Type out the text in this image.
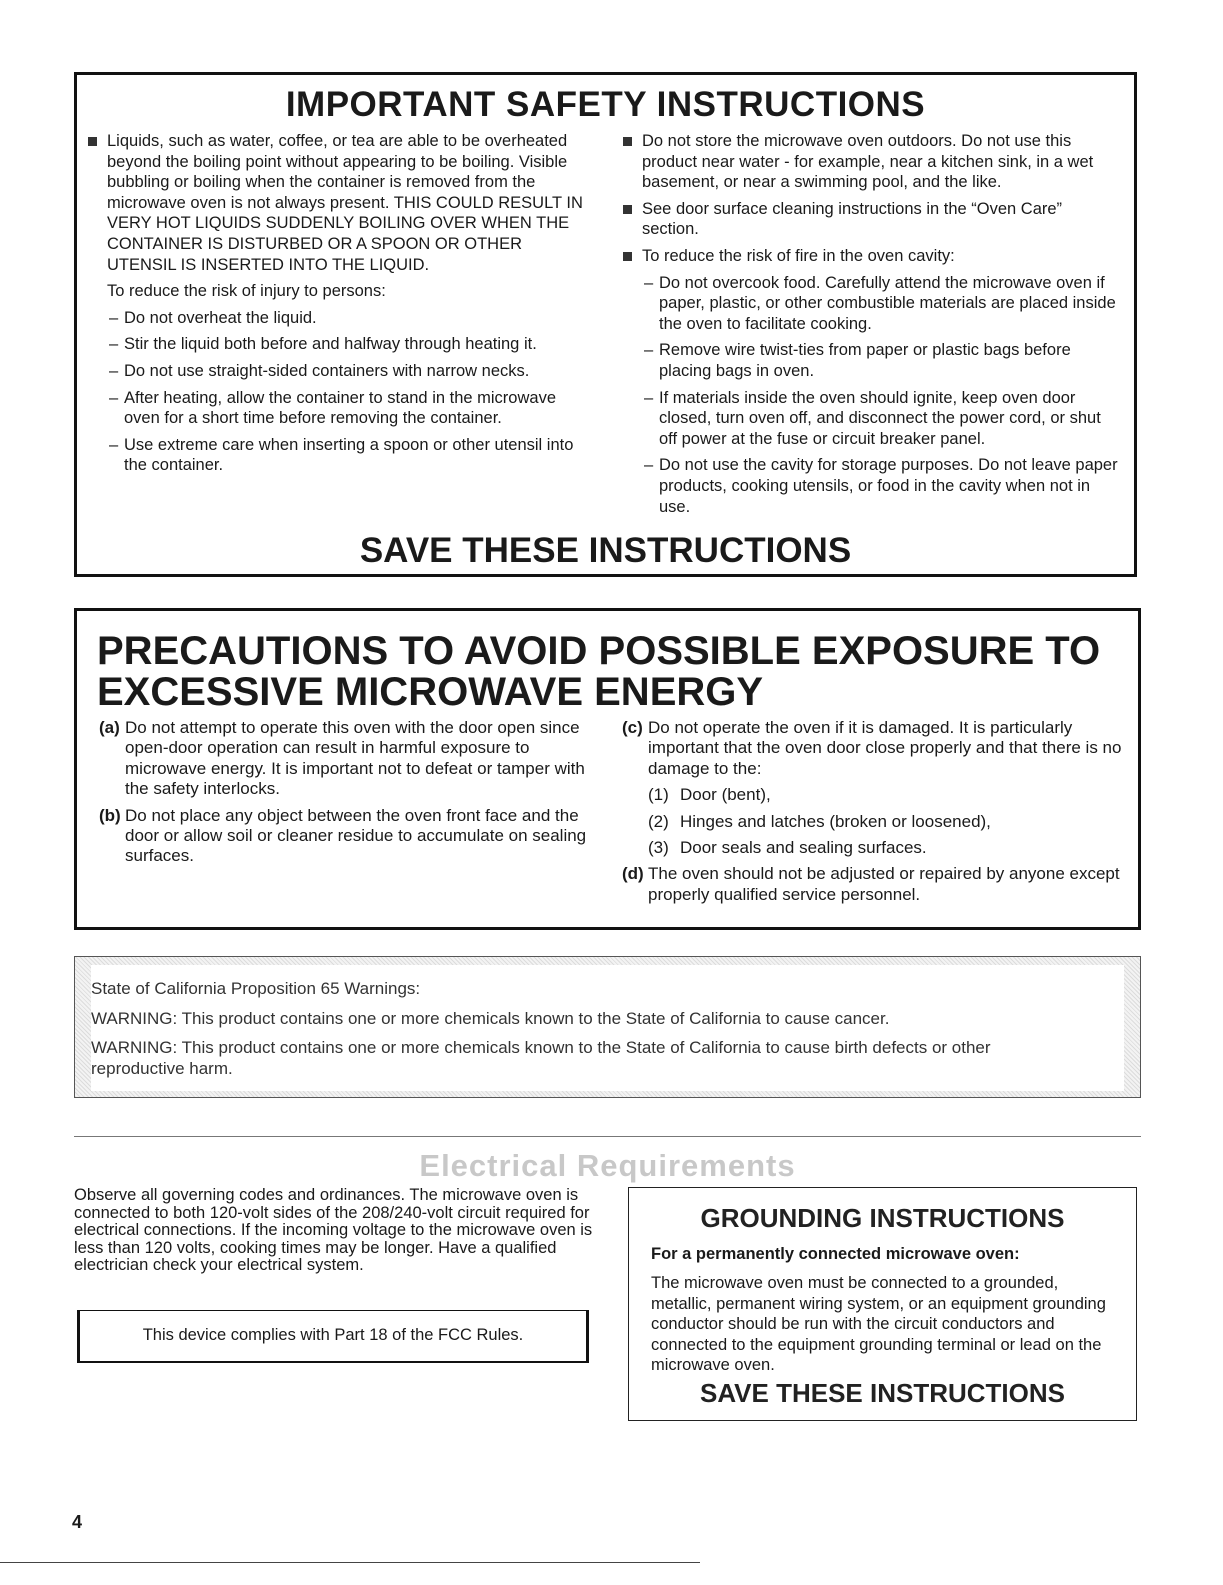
IMPORTANT SAFETY INSTRUCTIONS

Liquids, such as water, coffee, or tea are able to be overheated beyond the boiling point without appearing to be boiling. Visible bubbling or boiling when the container is removed from the microwave oven is not always present. THIS COULD RESULT IN VERY HOT LIQUIDS SUDDENLY BOILING OVER WHEN THE CONTAINER IS DISTURBED OR A SPOON OR OTHER UTENSIL IS INSERTED INTO THE LIQUID.

To reduce the risk of injury to persons:

– Do not overheat the liquid.

– Stir the liquid both before and halfway through heating it.

– Do not use straight-sided containers with narrow necks.

– After heating, allow the container to stand in the microwave oven for a short time before removing the container.

– Use extreme care when inserting a spoon or other utensil into the container.

Do not store the microwave oven outdoors. Do not use this product near water - for example, near a kitchen sink, in a wet basement, or near a swimming pool, and the like.

See door surface cleaning instructions in the “Oven Care” section.

To reduce the risk of fire in the oven cavity:

– Do not overcook food. Carefully attend the microwave oven if paper, plastic, or other combustible materials are placed inside the oven to facilitate cooking.

– Remove wire twist-ties from paper or plastic bags before placing bags in oven.

– If materials inside the oven should ignite, keep oven door closed, turn oven off, and disconnect the power cord, or shut off power at the fuse or circuit breaker panel.

– Do not use the cavity for storage purposes. Do not leave paper products, cooking utensils, or food in the cavity when not in use.

SAVE THESE INSTRUCTIONS
PRECAUTIONS TO AVOID POSSIBLE EXPOSURE TO
EXCESSIVE MICROWAVE ENERGY
(a) Do not attempt to operate this oven with the door open since open-door operation can result in harmful exposure to microwave energy. It is important not to defeat or tamper with the safety interlocks.
(b) Do not place any object between the oven front face and the door or allow soil or cleaner residue to accumulate on sealing surfaces.
(c) Do not operate the oven if it is damaged. It is particularly important that the oven door close properly and that there is no damage to the:
(1) Door (bent),
(2) Hinges and latches (broken or loosened),
(3) Door seals and sealing surfaces.
(d) The oven should not be adjusted or repaired by anyone except properly qualified service personnel.

State of California Proposition 65 Warnings:

WARNING: This product contains one or more chemicals known to the State of California to cause cancer.

WARNING: This product contains one or more chemicals known to the State of California to cause birth defects or other reproductive harm.

Electrical Requirements
Observe all governing codes and ordinances. The microwave oven is connected to both 120-volt sides of the 208/240-volt circuit required for electrical connections. If the incoming voltage to the microwave oven is less than 120 volts, cooking times may be longer. Have a qualified electrician check your electrical system.
This device complies with Part 18 of the FCC Rules.
GROUNDING INSTRUCTIONS
For a permanently connected microwave oven:
The microwave oven must be connected to a grounded, metallic, permanent wiring system, or an equipment grounding conductor should be run with the circuit conductors and connected to the equipment grounding terminal or lead on the microwave oven.
SAVE THESE INSTRUCTIONS
4
